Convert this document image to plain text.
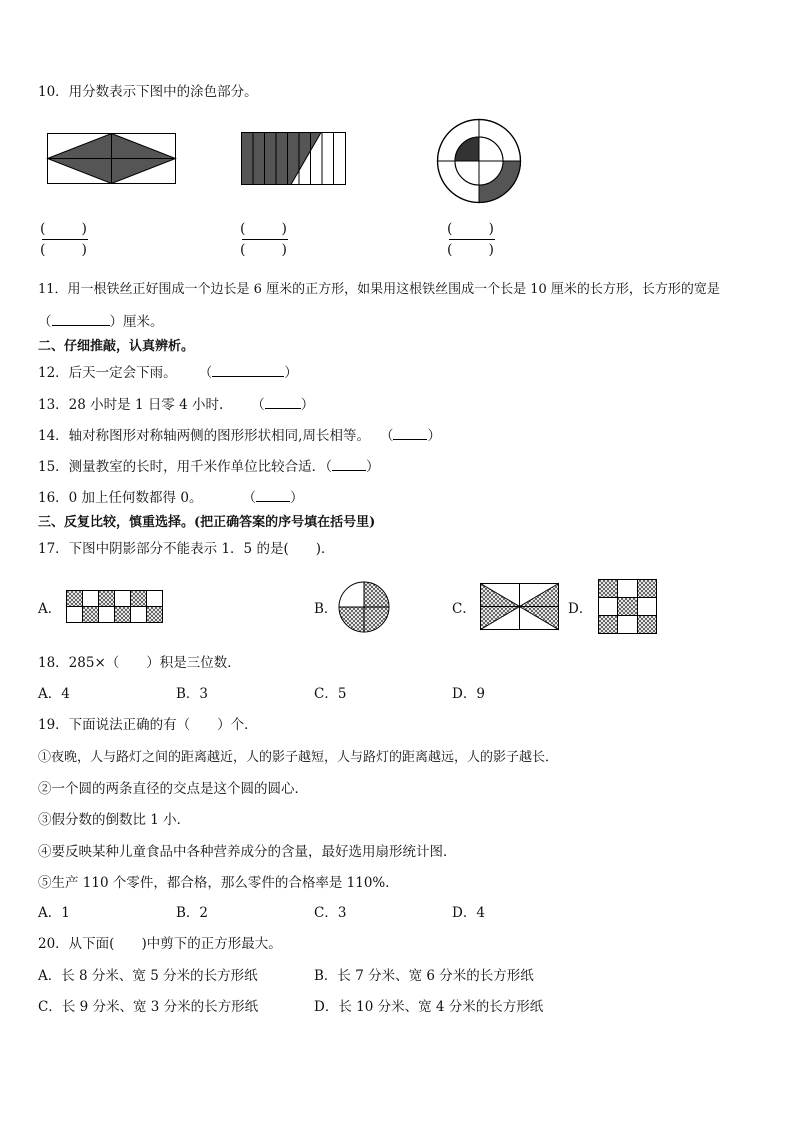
10．用分数表示下图中的涂色部分。
(	)
(	)
(	)
(	)
(	)
(	)
11．用一根铁丝正好围成一个边长是 6 厘米的正方形，如果用这根铁丝围成一个长是 10 厘米的长方形，长方形的宽是
（	）厘米。
二、仔细推敲，认真辨析。
12．后天一定会下雨。 （	）
13．28 小时是 1 日零 4 小时. （	）
14．轴对称图形对称轴两侧的图形形状相同,周长相等。 （	）
15．测量教室的长时，用千米作单位比较合适．（	）
16．0 加上任何数都得 0。	（	）
三、反复比较，慎重选择。(把正确答案的序号填在括号里)
17．下图中阴影部分不能表示 1．5 的是(　　)．
A．	B．	C．	D．
18．285×（　　）积是三位数．
A．4	B．3	C．5	D．9
19．下面说法正确的有（　　）个．
①夜晚，人与路灯之间的距离越近，人的影子越短，人与路灯的距离越远，人的影子越长．
②一个圆的两条直径的交点是这个圆的圆心．
③假分数的倒数比 1 小．
④要反映某种儿童食品中各种营养成分的含量，最好选用扇形统计图．
⑤生产 110 个零件，都合格，那么零件的合格率是 110%．
A．1	B．2	C．3	D．4
20．从下面(　　)中剪下的正方形最大。
A．长 8 分米、宽 5 分米的长方形纸	B．长 7 分米、宽 6 分米的长方形纸
C．长 9 分米、宽 3 分米的长方形纸	D．长 10 分米、宽 4 分米的长方形纸
